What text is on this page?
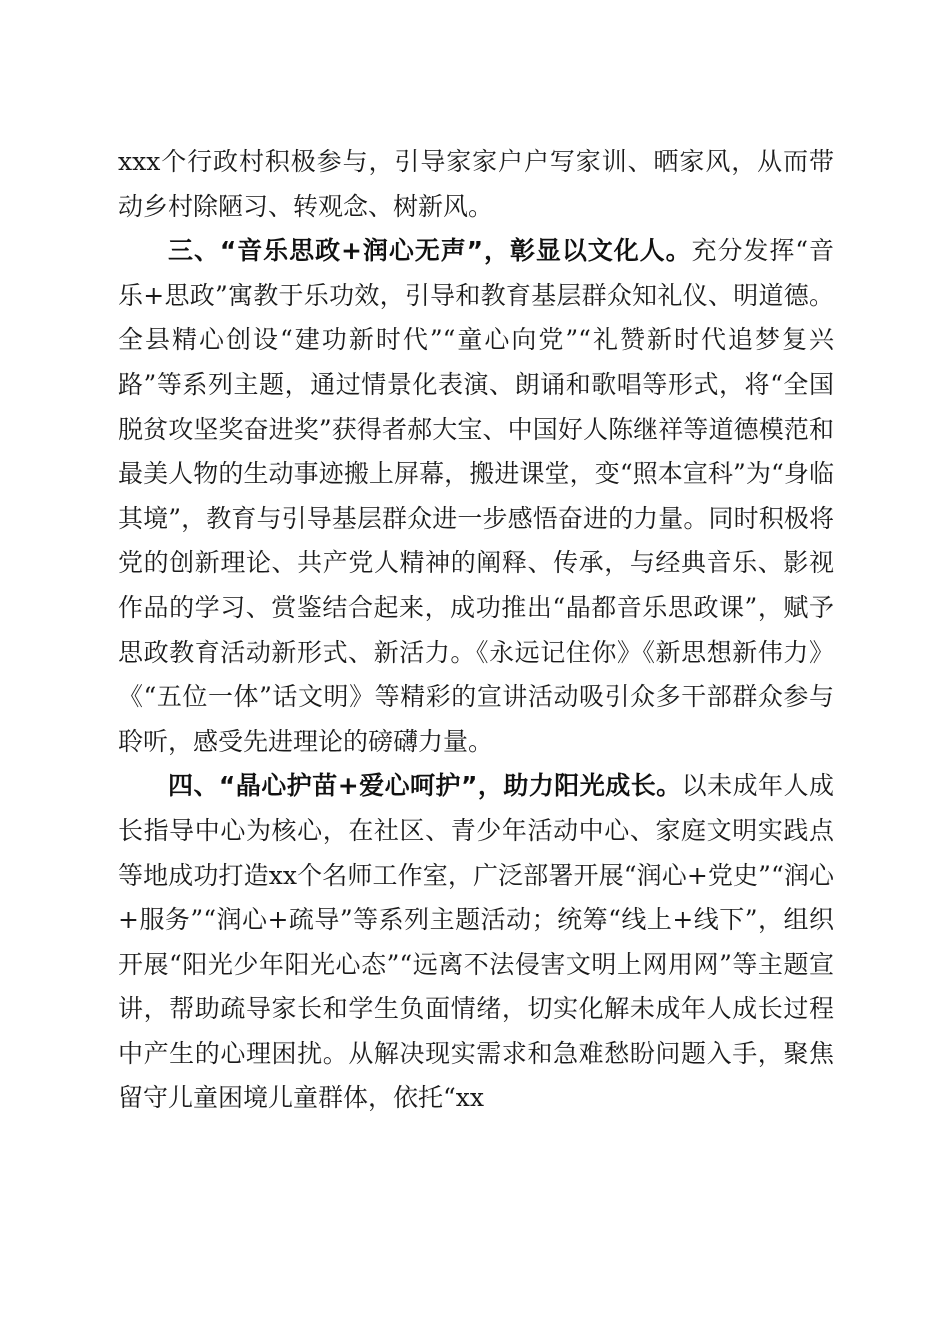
xxx个行政村积极参与，引导家家户户写家训、晒家风，从而带动乡村除陋习、转观念、树新风。

三、“音乐思政+润心无声”，彰显以文化人。充分发挥“音乐+思政”寓教于乐功效，引导和教育基层群众知礼仪、明道德。全县精心创设“建功新时代”“童心向党”“礼赞新时代追梦复兴路”等系列主题，通过情景化表演、朗诵和歌唱等形式，将“全国脱贫攻坚奖奋进奖”获得者郝大宝、中国好人陈继祥等道德模范和最美人物的生动事迹搬上屏幕，搬进课堂，变“照本宣科”为“身临其境”，教育与引导基层群众进一步感悟奋进的力量。同时积极将党的创新理论、共产党人精神的阐释、传承，与经典音乐、影视作品的学习、赏鉴结合起来，成功推出“晶都音乐思政课”，赋予思政教育活动新形式、新活力。《永远记住你》《新思想新伟力》《“五位一体”话文明》等精彩的宣讲活动吸引众多干部群众参与聆听，感受先进理论的磅礴力量。

四、“晶心护苗+爱心呵护”，助力阳光成长。以未成年人成长指导中心为核心，在社区、青少年活动中心、家庭文明实践点等地成功打造xx个名师工作室，广泛部署开展“润心+党史”“润心+服务”“润心+疏导”等系列主题活动；统筹“线上+线下”，组织开展“阳光少年阳光心态”“远离不法侵害文明上网用网”等主题宣讲，帮助疏导家长和学生负面情绪，切实化解未成年人成长过程中产生的心理困扰。从解决现实需求和急难愁盼问题入手，聚焦留守儿童困境儿童群体，依托“xx
